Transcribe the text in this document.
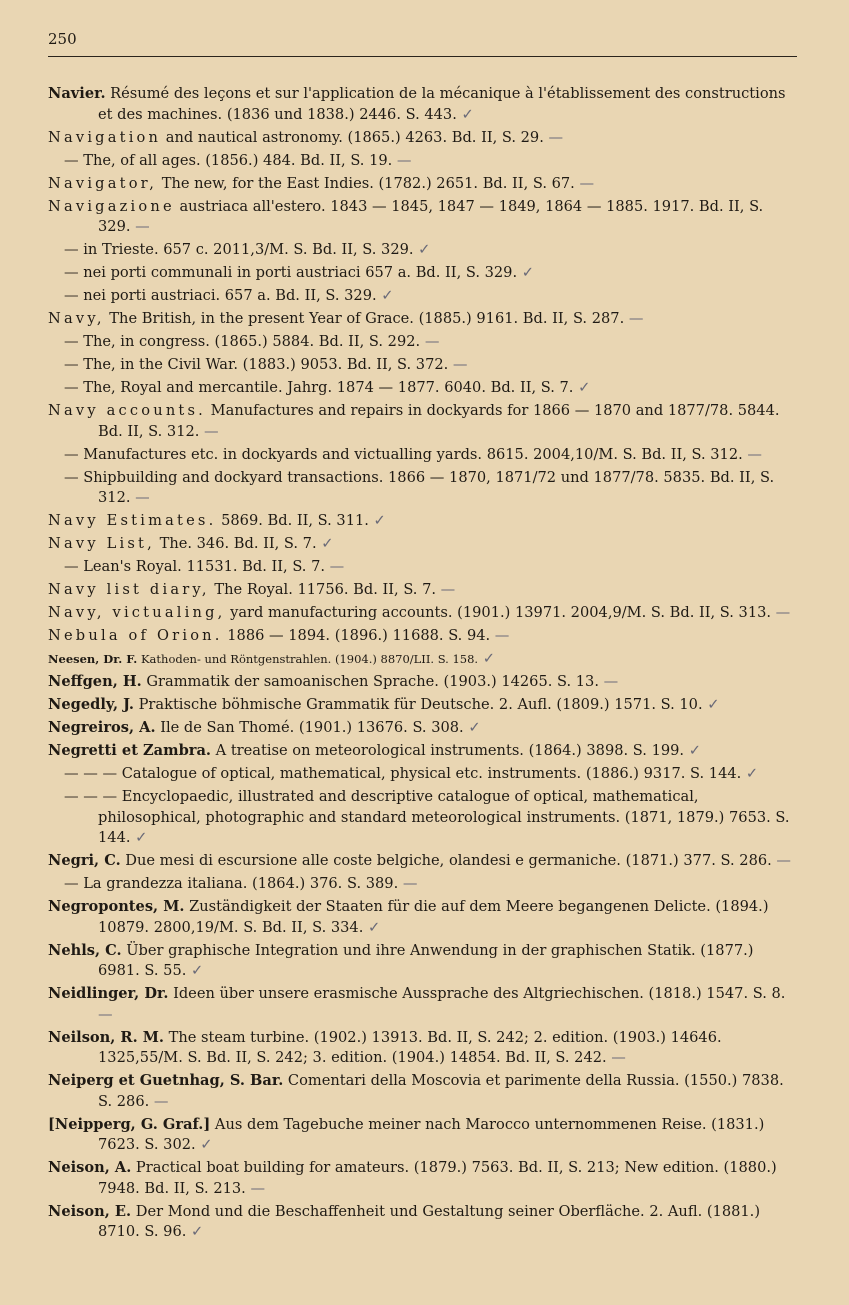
250

Navier. Résumé des leçons et sur l'application de la mécanique à l'établissement des constructions et des machines. (1836 und 1838.) 2446. S. 443. ✓

Navigation and nautical astronomy. (1865.) 4263. Bd. II, S. 29. —

— The, of all ages. (1856.) 484. Bd. II, S. 19. —

Navigator, The new, for the East Indies. (1782.) 2651. Bd. II, S. 67. —

Navigazione austriaca all'estero. 1843 — 1845, 1847 — 1849, 1864 — 1885. 1917. Bd. II, S. 329. —

— in Trieste. 657 c. 2011,3/M. S. Bd. II, S. 329. ✓

— nei porti communali in porti austriaci 657 a. Bd. II, S. 329. ✓

— nei porti austriaci. 657 a. Bd. II, S. 329. ✓

Navy, The British, in the present Year of Grace. (1885.) 9161. Bd. II, S. 287. —

— The, in congress. (1865.) 5884. Bd. II, S. 292. —

— The, in the Civil War. (1883.) 9053. Bd. II, S. 372. —

— The, Royal and mercantile. Jahrg. 1874 — 1877. 6040. Bd. II, S. 7. ✓

Navy accounts. Manufactures and repairs in dockyards for 1866 — 1870 and 1877/78. 5844. Bd. II, S. 312. —

— Manufactures etc. in dockyards and victualling yards. 8615. 2004,10/M. S. Bd. II, S. 312. —

— Shipbuilding and dockyard transactions. 1866 — 1870, 1871/72 und 1877/78. 5835. Bd. II, S. 312. —

Navy Estimates. 5869. Bd. II, S. 311. ✓

Navy List, The. 346. Bd. II, S. 7. ✓

— Lean's Royal. 11531. Bd. II, S. 7. —

Navy list diary, The Royal. 11756. Bd. II, S. 7. —

Navy, victualing, yard manufacturing accounts. (1901.) 13971. 2004,9/M. S. Bd. II, S. 313. —

Nebula of Orion. 1886 — 1894. (1896.) 11688. S. 94. —

Neesen, Dr. F. Kathoden- und Röntgenstrahlen. (1904.) 8870/LII. S. 158. ✓

Neffgen, H. Grammatik der samoanischen Sprache. (1903.) 14265. S. 13. —

Negedly, J. Praktische böhmische Grammatik für Deutsche. 2. Aufl. (1809.) 1571. S. 10. ✓

Negreiros, A. Ile de San Thomé. (1901.) 13676. S. 308. ✓

Negretti et Zambra. A treatise on meteorological instruments. (1864.) 3898. S. 199. ✓

— — — Catalogue of optical, mathematical, physical etc. instruments. (1886.) 9317. S. 144. ✓

— — — Encyclopaedic, illustrated and descriptive catalogue of optical, mathematical, philosophical, photographic and standard meteorological instruments. (1871, 1879.) 7653. S. 144. ✓

Negri, C. Due mesi di escursione alle coste belgiche, olandesi e germaniche. (1871.) 377. S. 286. —

— La grandezza italiana. (1864.) 376. S. 389. —

Negropontes, M. Zuständigkeit der Staaten für die auf dem Meere begangenen Delicte. (1894.) 10879. 2800,19/M. S. Bd. II, S. 334. ✓

Nehls, C. Über graphische Integration und ihre Anwendung in der graphischen Statik. (1877.) 6981. S. 55. ✓

Neidlinger, Dr. Ideen über unsere erasmische Aussprache des Altgriechischen. (1818.) 1547. S. 8. —

Neilson, R. M. The steam turbine. (1902.) 13913. Bd. II, S. 242; 2. edition. (1903.) 14646. 1325,55/M. S. Bd. II, S. 242; 3. edition. (1904.) 14854. Bd. II, S. 242. —

Neiperg et Guetnhag, S. Bar. Comentari della Moscovia et parimente della Russia. (1550.) 7838. S. 286. —

[Neipperg, G. Graf.] Aus dem Tagebuche meiner nach Marocco unternommenen Reise. (1831.) 7623. S. 302. ✓

Neison, A. Practical boat building for amateurs. (1879.) 7563. Bd. II, S. 213; New edition. (1880.) 7948. Bd. II, S. 213. —

Neison, E. Der Mond und die Beschaffenheit und Gestaltung seiner Oberfläche. 2. Aufl. (1881.) 8710. S. 96. ✓
